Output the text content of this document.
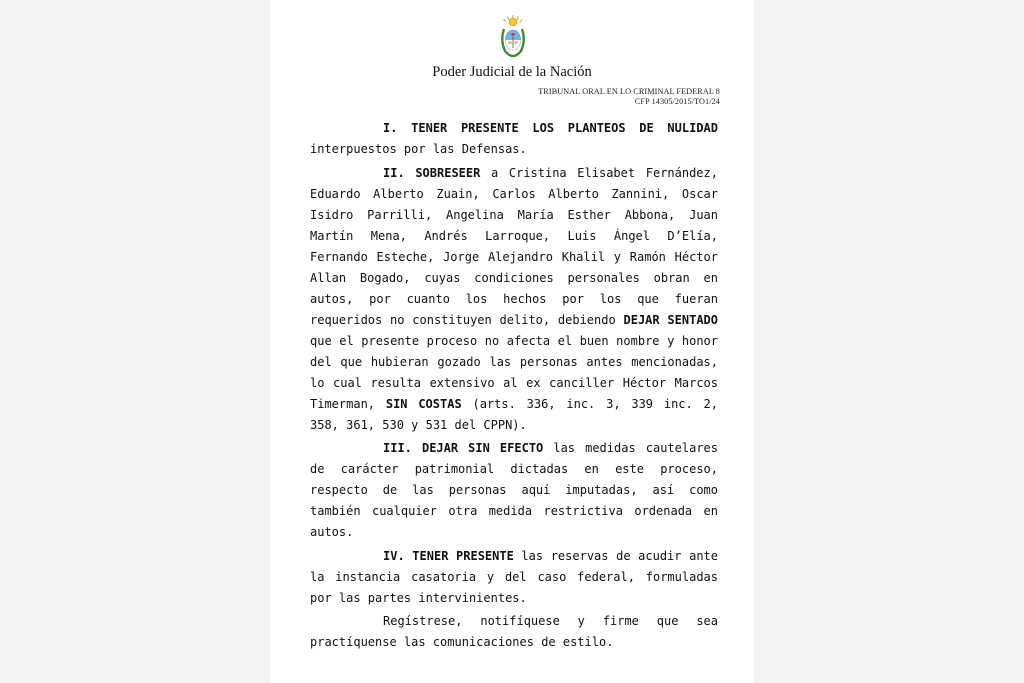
Poder Judicial de la Nación
TRIBUNAL ORAL EN LO CRIMINAL FEDERAL 8
CFP 14305/2015/TO1/24

I. TENER PRESENTE LOS PLANTEOS DE NULIDAD interpuestos por las Defensas.

II. SOBRESEER a Cristina Elisabet Fernández, Eduardo Alberto Zuain, Carlos Alberto Zannini, Oscar Isidro Parrilli, Angelina María Esther Abbona, Juan Martín Mena, Andrés Larroque, Luis Ángel D’Elía, Fernando Esteche, Jorge Alejandro Khalil y Ramón Héctor Allan Bogado, cuyas condiciones personales obran en autos, por cuanto los hechos por los que fueran requeridos no constituyen delito, debiendo DEJAR SENTADO que el presente proceso no afecta el buen nombre y honor del que hubieran gozado las personas antes mencionadas, lo cual resulta extensivo al ex canciller Héctor Marcos Timerman, SIN COSTAS (arts. 336, inc. 3, 339 inc. 2, 358, 361, 530 y 531 del CPPN).

III. DEJAR SIN EFECTO las medidas cautelares de carácter patrimonial dictadas en este proceso, respecto de las personas aquí imputadas, así como también cualquier otra medida restrictiva ordenada en autos.

IV. TENER PRESENTE las reservas de acudir ante la instancia casatoria y del caso federal, formuladas por las partes intervinientes.

Regístrese, notifíquese y firme que sea practíquense las comunicaciones de estilo.
